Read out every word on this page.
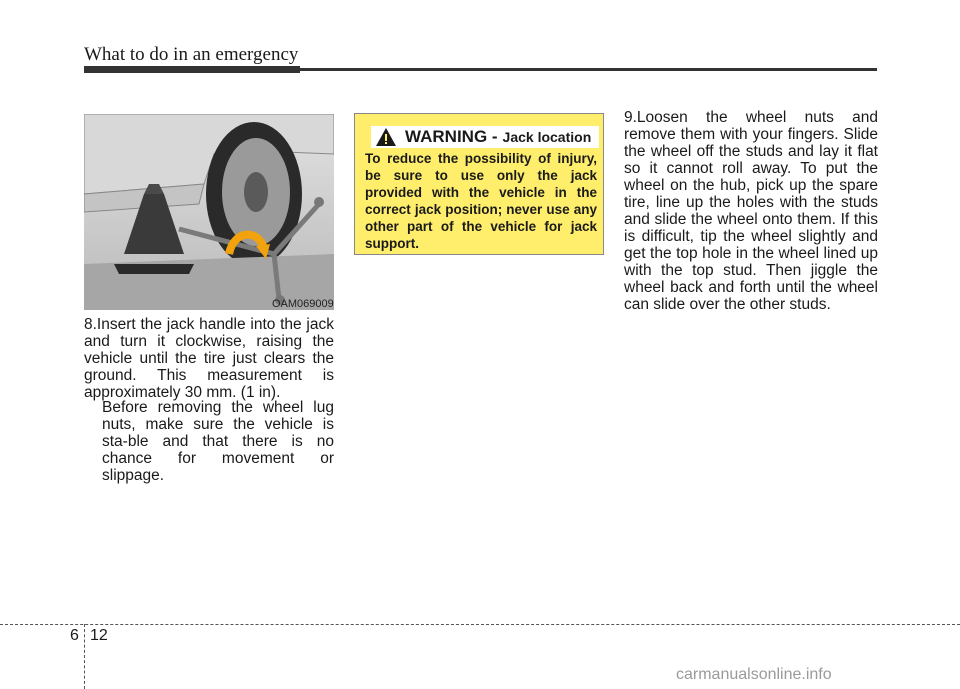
What to do in an emergency
OAM069009
8.Insert the jack handle into the jack and turn it clockwise, raising the vehicle until the tire just clears the ground. This measurement is approximately 30 mm. (1 in).
Before removing the wheel lug nuts, make sure the vehicle is sta-ble and that there is no chance for movement or slippage.
WARNING - Jack location
To reduce the possibility of injury, be sure to use only the jack provided with the vehicle in the correct jack position; never use any other part of the vehicle for jack support.
9.Loosen the wheel nuts and remove them with your fingers. Slide the wheel off the studs and lay it flat so it cannot roll away. To put the wheel on the hub, pick up the spare tire, line up the holes with the studs and slide the wheel onto them. If this is difficult, tip the wheel slightly and get the top hole in the wheel lined up with the top stud. Then jiggle the wheel back and forth until the wheel can slide over the other studs.
6 12
carmanualsonline.info
